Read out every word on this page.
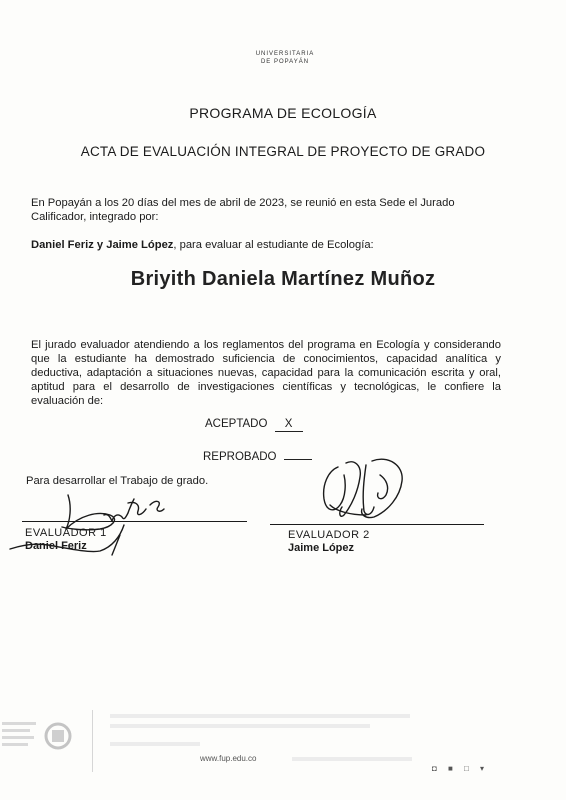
UNIVERSITARIA
DE POPAYÁN
PROGRAMA DE ECOLOGÍA
ACTA DE EVALUACIÓN INTEGRAL DE PROYECTO DE GRADO
En Popayán a los 20 días del mes de abril de 2023, se reunió en esta Sede el Jurado Calificador, integrado por:
Daniel Feriz y Jaime López, para evaluar al estudiante de Ecología:
Briyith Daniela Martínez Muñoz
El jurado evaluador atendiendo a los reglamentos del programa en Ecología y considerando que la estudiante ha demostrado suficiencia de conocimientos, capacidad analítica y deductiva, adaptación a situaciones nuevas, capacidad para la comunicación escrita y oral, aptitud para el desarrollo de investigaciones científicas y tecnológicas, le confiere la evaluación de:
ACEPTADO X
REPROBADO
Para desarrollar el Trabajo de grado.
EVALUADOR 1
Daniel Feriz
EVALUADOR 2
Jaime López
www.fup.edu.co
◘ ■ □ ▾
